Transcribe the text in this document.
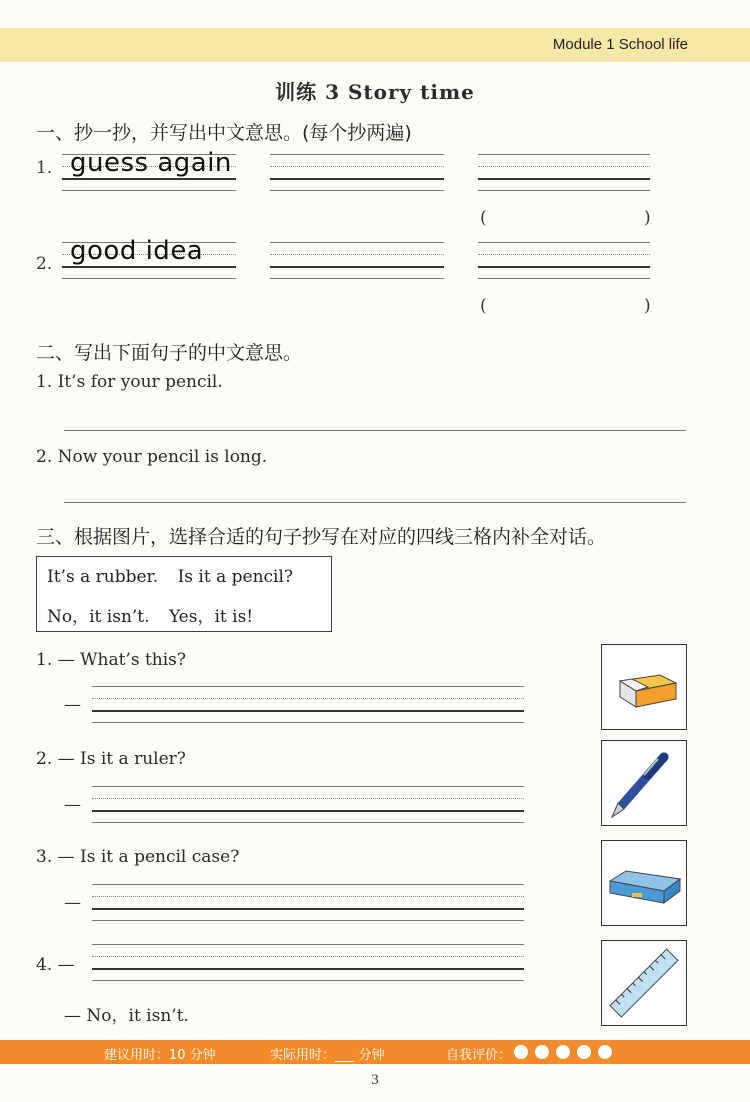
Module 1 School life
训练 3 Story time
一、抄一抄，并写出中文意思。(每个抄两遍)
1. guess again
(	)
2. good idea
(	)
二、写出下面句子的中文意思。
1. It’s for your pencil.
2. Now your pencil is long.
三、根据图片，选择合适的句子抄写在对应的四线三格内补全对话。
It’s a rubber. Is it a pencil?
No，it isn’t. Yes，it is!
1. — What’s this?
—
2. — Is it a ruler?
—
3. — Is it a pencil case?
—
4. —
— No，it isn’t.
建议用时：10 分钟	实际用时：___ 分钟	自我评价：
3
